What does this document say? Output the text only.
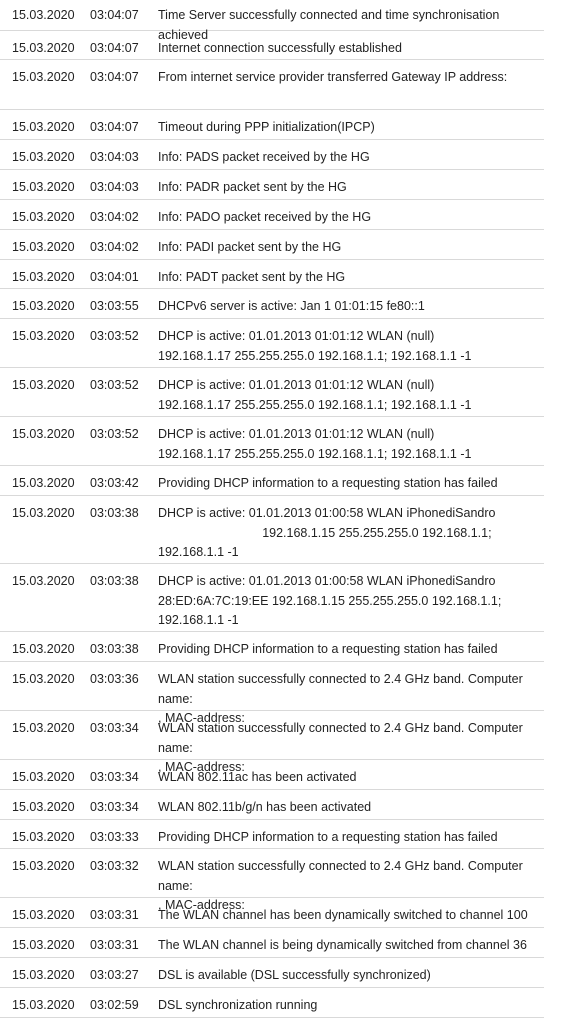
15.03.2020	03:04:07	Time Server successfully connected and time synchronisation achieved
15.03.2020	03:04:07	Internet connection successfully established
15.03.2020	03:04:07	From internet service provider transferred Gateway IP address:
15.03.2020	03:04:07	Timeout during PPP initialization(IPCP)
15.03.2020	03:04:03	Info: PADS packet received by the HG
15.03.2020	03:04:03	Info: PADR packet sent by the HG
15.03.2020	03:04:02	Info: PADO packet received by the HG
15.03.2020	03:04:02	Info: PADI packet sent by the HG
15.03.2020	03:04:01	Info: PADT packet sent by the HG
15.03.2020	03:03:55	DHCPv6 server is active: Jan 1 01:01:15 fe80::1
15.03.2020	03:03:52	DHCP is active: 01.01.2013 01:01:12 WLAN (null)
192.168.1.17 255.255.255.0 192.168.1.1; 192.168.1.1 -1
15.03.2020	03:03:52	DHCP is active: 01.01.2013 01:01:12 WLAN (null)
192.168.1.17 255.255.255.0 192.168.1.1; 192.168.1.1 -1
15.03.2020	03:03:52	DHCP is active: 01.01.2013 01:01:12 WLAN (null)
192.168.1.17 255.255.255.0 192.168.1.1; 192.168.1.1 -1
15.03.2020	03:03:42	Providing DHCP information to a requesting station has failed
15.03.2020	03:03:38	DHCP is active: 01.01.2013 01:00:58 WLAN iPhonediSandro
192.168.1.15 255.255.255.0 192.168.1.1;
192.168.1.1 -1
15.03.2020	03:03:38	DHCP is active: 01.01.2013 01:00:58 WLAN iPhonediSandro
28:ED:6A:7C:19:EE 192.168.1.15 255.255.255.0 192.168.1.1;
192.168.1.1 -1
15.03.2020	03:03:38	Providing DHCP information to a requesting station has failed
15.03.2020	03:03:36	WLAN station successfully connected to 2.4 GHz band. Computer name:
, MAC-address:
15.03.2020	03:03:34	WLAN station successfully connected to 2.4 GHz band. Computer name:
, MAC-address:
15.03.2020	03:03:34	WLAN 802.11ac has been activated
15.03.2020	03:03:34	WLAN 802.11b/g/n has been activated
15.03.2020	03:03:33	Providing DHCP information to a requesting station has failed
15.03.2020	03:03:32	WLAN station successfully connected to 2.4 GHz band. Computer name:
, MAC-address:
15.03.2020	03:03:31	The WLAN channel has been dynamically switched to channel 100
15.03.2020	03:03:31	The WLAN channel is being dynamically switched from channel 36
15.03.2020	03:03:27	DSL is available (DSL successfully synchronized)
15.03.2020	03:02:59	DSL synchronization running
